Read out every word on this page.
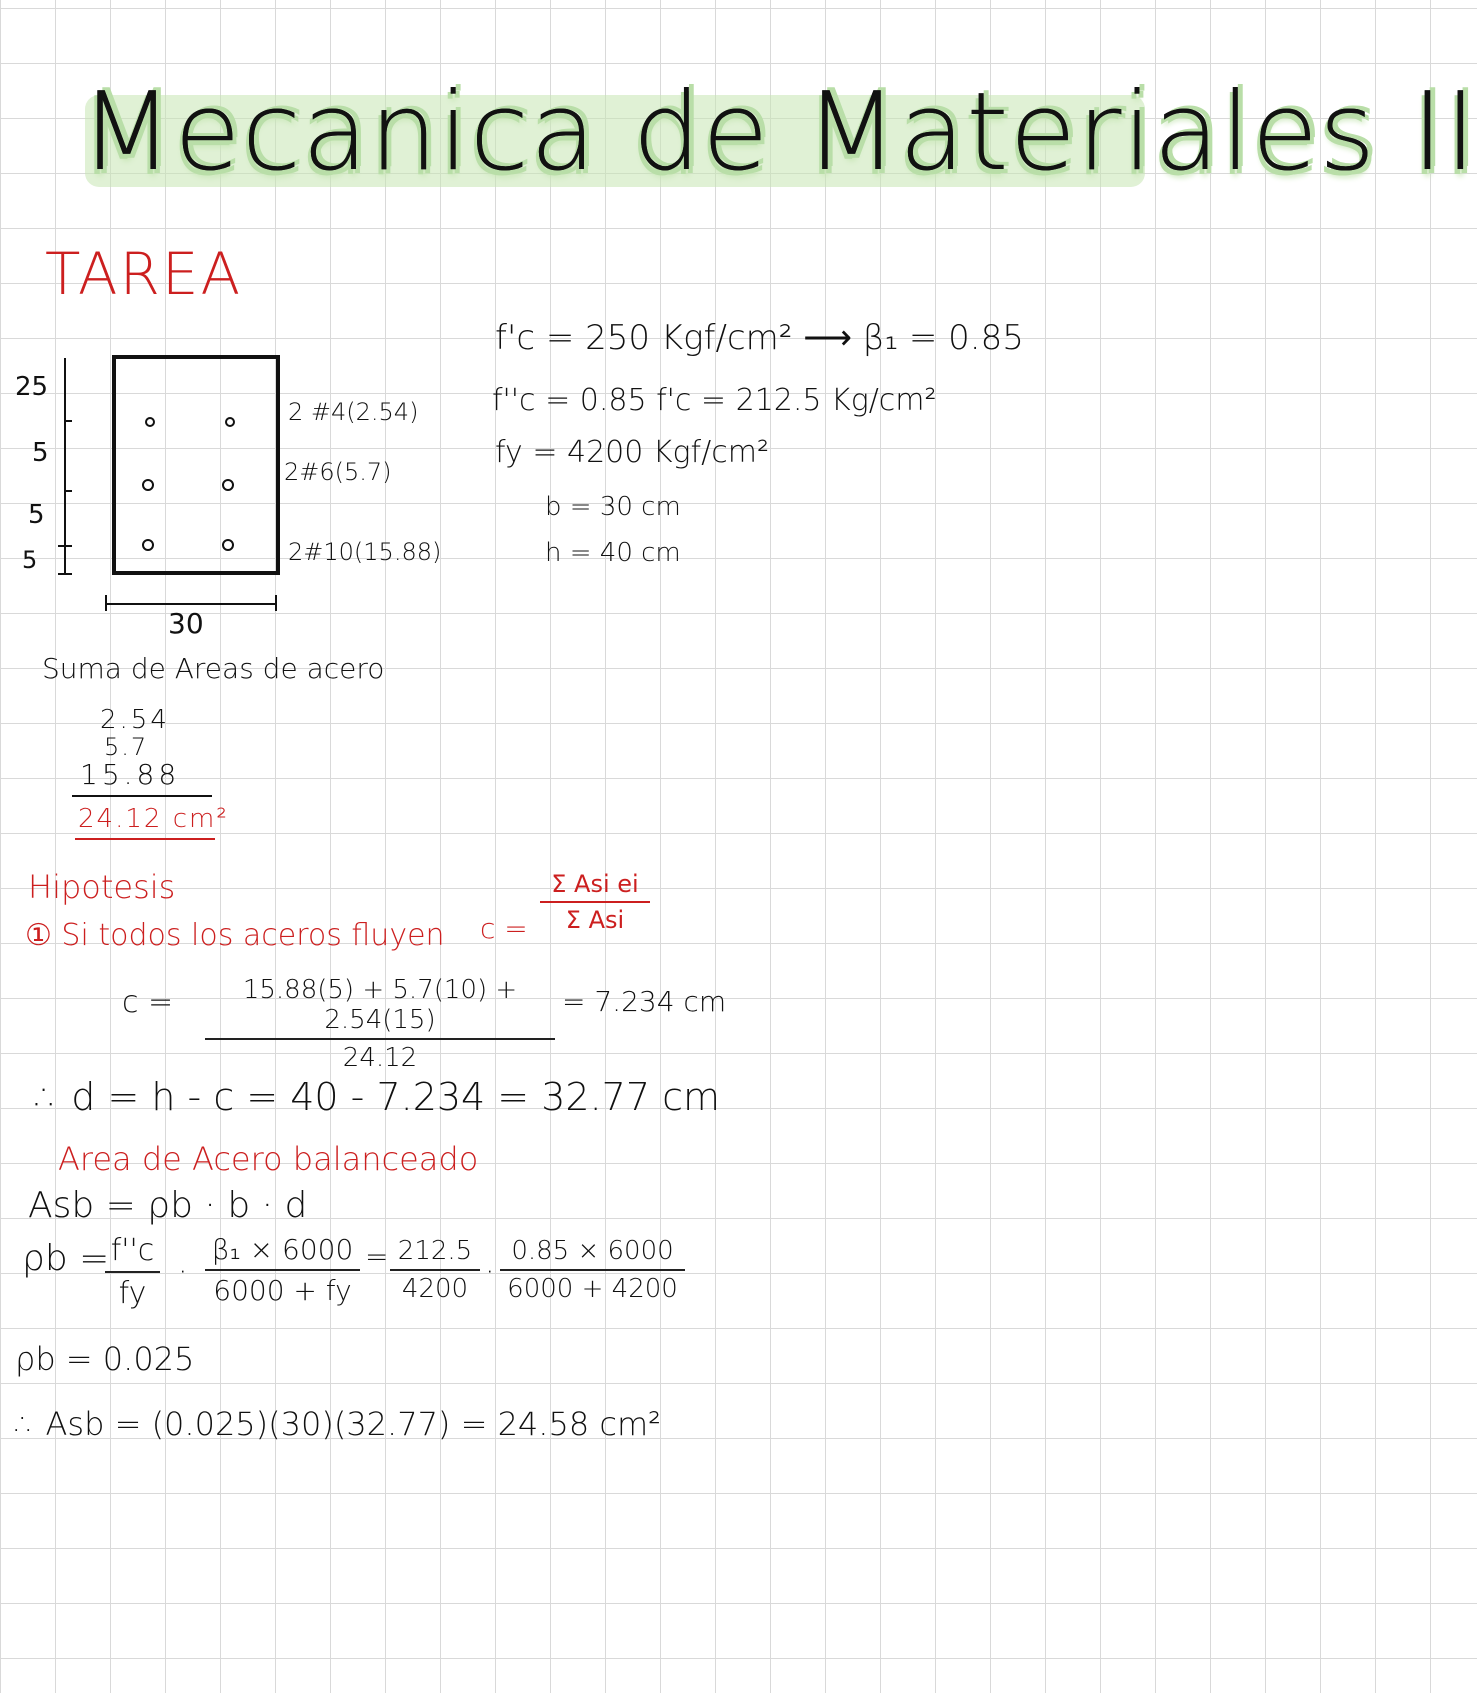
Mecanica de Materiales II
TAREA
25
5
5
5
30
2 #4(2.54)
2#6(5.7)
2#10(15.88)
f'c = 250 Kgf/cm² ⟶ β₁ = 0.85
f''c = 0.85 f'c = 212.5 Kg/cm²
fy = 4200 Kgf/cm²
b = 30 cm
h = 40 cm
Suma de Areas de acero
2.54
5.7
15.88
24.12 cm²
Hipotesis
① Si todos los aceros fluyen c =
Σ Asi ei
Σ Asi
c =	15.88(5) + 5.7(10) + 2.54(15)
24.12
= 7.234 cm
∴ d = h - c = 40 - 7.234 = 32.77 cm
Area de Acero balanceado
Asb = ρb · b · d
ρb = f''c
fy
·
β₁ × 6000
6000 + fy
= 212.5
4200 ·
0.85 × 6000
6000 + 4200
ρb = 0.025
∴ Asb = (0.025)(30)(32.77) = 24.58 cm²
